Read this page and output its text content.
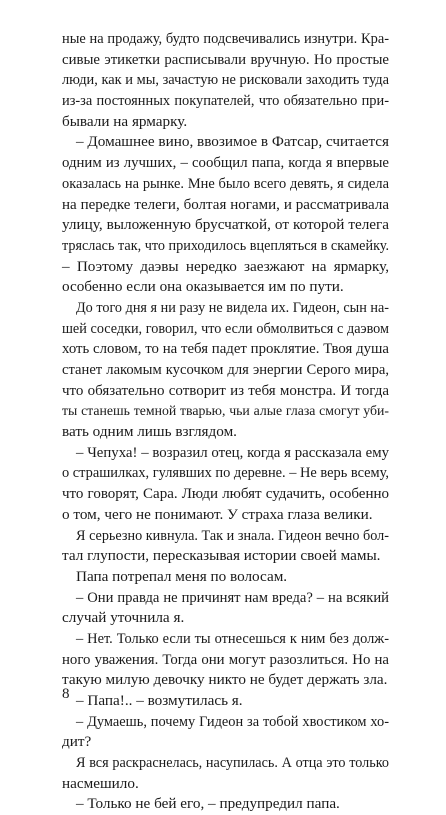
ные на продажу, будто подсвечивались изнутри. Кра-
сивые этикетки расписывали вручную. Но простые
люди, как и мы, зачастую не рисковали заходить туда
из-за постоянных покупателей, что обязательно при-
бывали на ярмарку.
– Домашнее вино, ввозимое в Фатсар, считается
одним из лучших, – сообщил папа, когда я впервые
оказалась на рынке. Мне было всего девять, я сидела
на передке телеги, болтая ногами, и рассматривала
улицу, выложенную брусчаткой, от которой телега
тряслась так, что приходилось вцепляться в скамейку.
– Поэтому даэвы нередко заезжают на ярмарку,
особенно если она оказывается им по пути.
До того дня я ни разу не видела их. Гидеон, сын на-
шей соседки, говорил, что если обмолвиться с даэвом
хоть словом, то на тебя падет проклятие. Твоя душа
станет лакомым кусочком для энергии Серого мира,
что обязательно сотворит из тебя монстра. И тогда
ты станешь темной тварью, чьи алые глаза смогут уби-
вать одним лишь взглядом.
– Чепуха! – возразил отец, когда я рассказала ему
о страшилках, гулявших по деревне. – Не верь всему,
что говорят, Сара. Люди любят судачить, особенно
о том, чего не понимают. У страха глаза велики.
Я серьезно кивнула. Так и знала. Гидеон вечно бол-
тал глупости, пересказывая истории своей мамы.
Папа потрепал меня по волосам.
– Они правда не причинят нам вреда? – на всякий
случай уточнила я.
– Нет. Только если ты отнесешься к ним без долж-
ного уважения. Тогда они могут разозлиться. Но на
такую милую девочку никто не будет держать зла.
– Папа!.. – возмутилась я.
– Думаешь, почему Гидеон за тобой хвостиком хо-
дит?
Я вся раскраснелась, насупилась. А отца это только
насмешило.
– Только не бей его, – предупредил папа.
8
